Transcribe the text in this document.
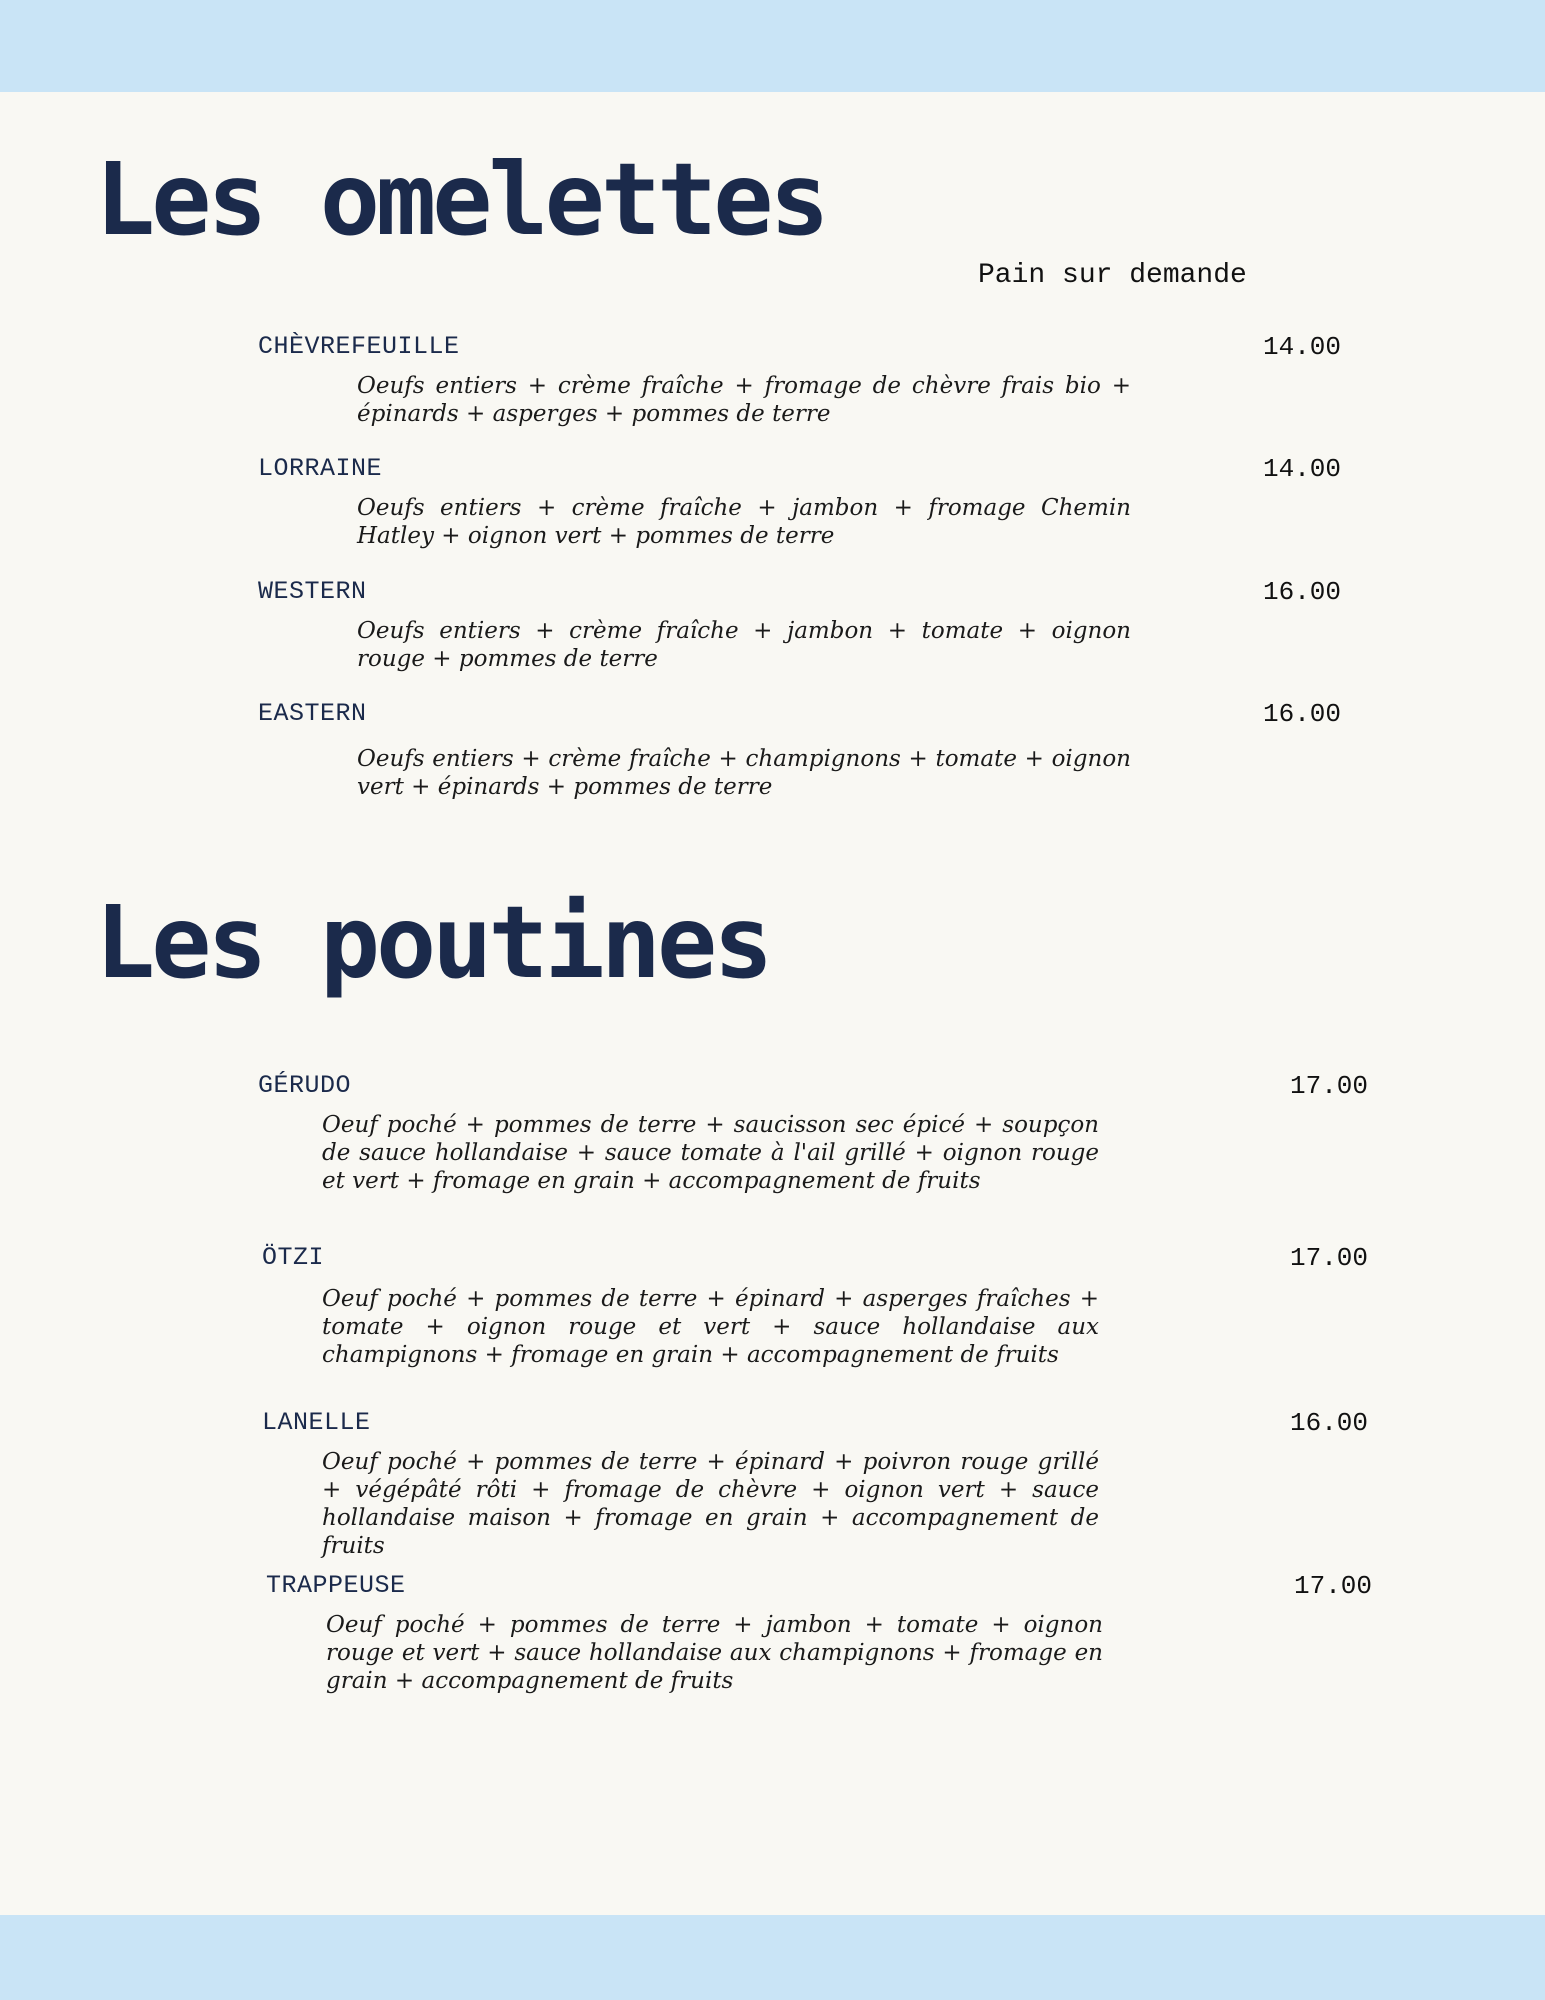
Les omelettes
Pain sur demande
CHÈVREFEUILLE	14.00

Oeufs entiers + crème fraîche + fromage de chèvre frais bio + épinards + asperges + pommes de terre

LORRAINE	14.00

Oeufs entiers + crème fraîche + jambon + fromage Chemin Hatley + oignon vert + pommes de terre

WESTERN	16.00

Oeufs entiers + crème fraîche + jambon + tomate + oignon rouge + pommes de terre

EASTERN	16.00

Oeufs entiers + crème fraîche + champignons + tomate + oignon vert + épinards + pommes de terre

Les poutines
GÉRUDO	17.00

Oeuf poché + pommes de terre + saucisson sec épicé + soupçon de sauce hollandaise + sauce tomate à l'ail grillé + oignon rouge et vert + fromage en grain + accompagnement de fruits

ÖTZI	17.00

Oeuf poché + pommes de terre + épinard + asperges fraîches + tomate + oignon rouge et vert + sauce hollandaise aux champignons + fromage en grain + accompagnement de fruits

LANELLE	16.00

Oeuf poché + pommes de terre + épinard + poivron rouge grillé + végépâté rôti + fromage de chèvre + oignon vert + sauce hollandaise maison + fromage en grain + accompagnement de fruits

TRAPPEUSE	17.00

Oeuf poché + pommes de terre + jambon + tomate + oignon rouge et vert + sauce hollandaise aux champignons + fromage en grain + accompagnement de fruits
